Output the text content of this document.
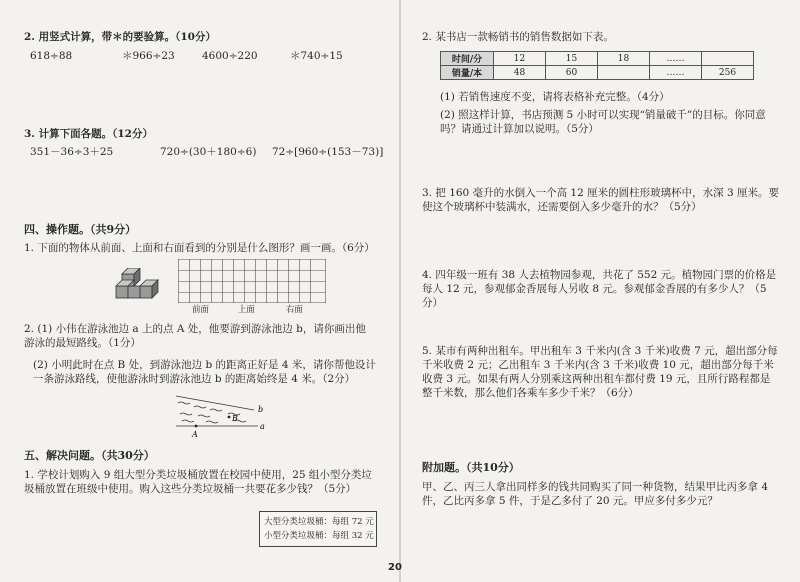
2. 用竖式计算，带＊的要验算。（10分）
618÷88	＊966÷23	4600÷220	＊740÷15
3. 计算下面各题。（12分）
351－36÷3＋25	720÷(30＋180÷6) 72÷[960÷(153－73)]
四、操作题。（共9分）
1. 下面的物体从前面、上面和右面看到的分别是什么图形？画一画。（6分）
前面	上面	右面
2. (1) 小伟在游泳池边 a 上的点 A 处，他要游到游泳池边 b，请你画出他游泳的最短路线。（1分）
(2) 小明此时在点 B 处，到游泳池边 b 的距离正好是 4 米，请你帮他设计一条游泳路线，使他游泳时到游泳池边 b 的距离始终是 4 米。（2分）
b
a
A
B
五、解决问题。（共30分）
1. 学校计划购入 9 组大型分类垃圾桶放置在校园中使用，25 组小型分类垃圾桶放置在班级中使用。购入这些分类垃圾桶一共要花多少钱？（5分）
大型分类垃圾桶：每组 72 元
小型分类垃圾桶：每组 32 元
2. 某书店一款畅销书的销售数据如下表。
时间/分	12	15	18	……	
销量/本	48	60		……	256
(1) 若销售速度不变，请将表格补充完整。（4分）
(2) 照这样计算，书店预测 5 小时可以实现“销量破千”的目标。你同意吗？请通过计算加以说明。（5分）
3. 把 160 毫升的水倒入一个高 12 厘米的圆柱形玻璃杯中，水深 3 厘米。要使这个玻璃杯中装满水，还需要倒入多少毫升的水？（5分）
4. 四年级一班有 38 人去植物园参观，共花了 552 元。植物园门票的价格是每人 12 元，参观郁金香展每人另收 8 元。参观郁金香展的有多少人？（5分）
5. 某市有两种出租车。甲出租车 3 千米内(含 3 千米)收费 7 元，超出部分每千米收费 2 元；乙出租车 3 千米内(含 3 千米)收费 10 元，超出部分每千米收费 3 元。如果有两人分别乘这两种出租车都付费 19 元，且所行路程都是整千米数，那么他们各乘车多少千米？（6分）
附加题。（共10分）
甲、乙、丙三人拿出同样多的钱共同购买了同一种货物，结果甲比丙多拿 4 件，乙比丙多拿 5 件，于是乙多付了 20 元。甲应多付多少元？
20
